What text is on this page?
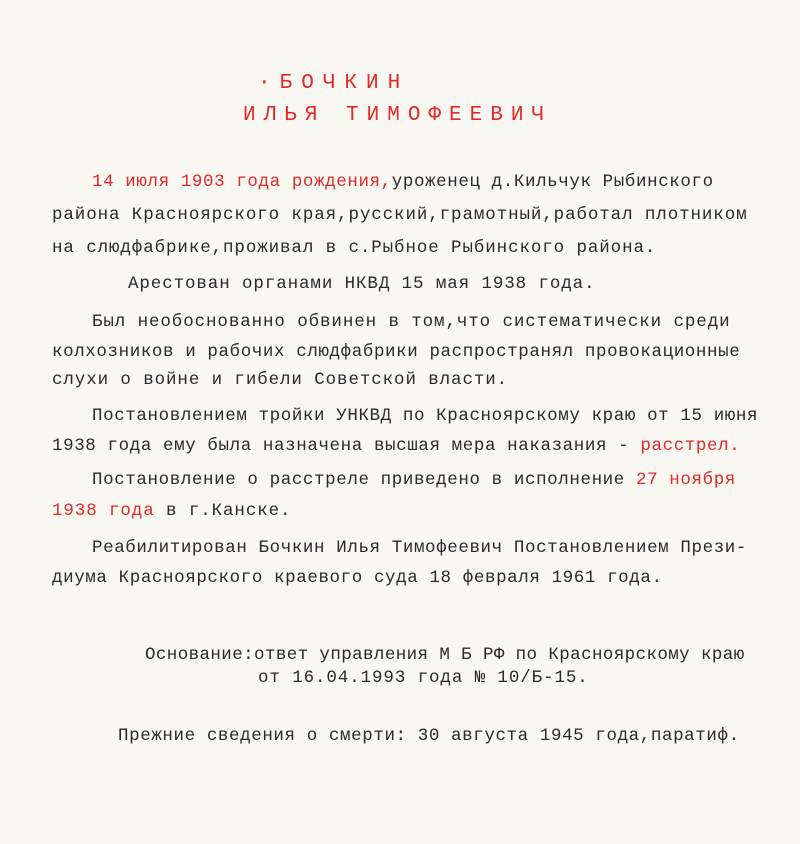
·БОЧКИН
ИЛЬЯ ТИМОФЕЕВИЧ
14 июля 1903 года рождения,уроженец д.Кильчук Рыбинского
района Красноярского края,русский,грамотный,работал плотником
на слюдфабрике,проживал в с.Рыбное Рыбинского района.
Арестован органами НКВД 15 мая 1938 года.
Был необоснованно обвинен в том,что систематически среди
колхозников и рабочих слюдфабрики распространял провокационные
слухи о войне и гибели Советской власти.
Постановлением тройки УНКВД по Красноярскому краю от 15 июня
1938 года ему была назначена высшая мера наказания - расстрел.
Постановление о расстреле приведено в исполнение 27 ноября
1938 года в г.Канске.
Реабилитирован Бочкин Илья Тимофеевич Постановлением Прези-
диума Красноярского краевого суда 18 февраля 1961 года.
Основание:ответ управления М Б РФ по Красноярскому краю
от 16.04.1993 года № 10/Б-15.
Прежние сведения о смерти: 30 августа 1945 года,паратиф.
